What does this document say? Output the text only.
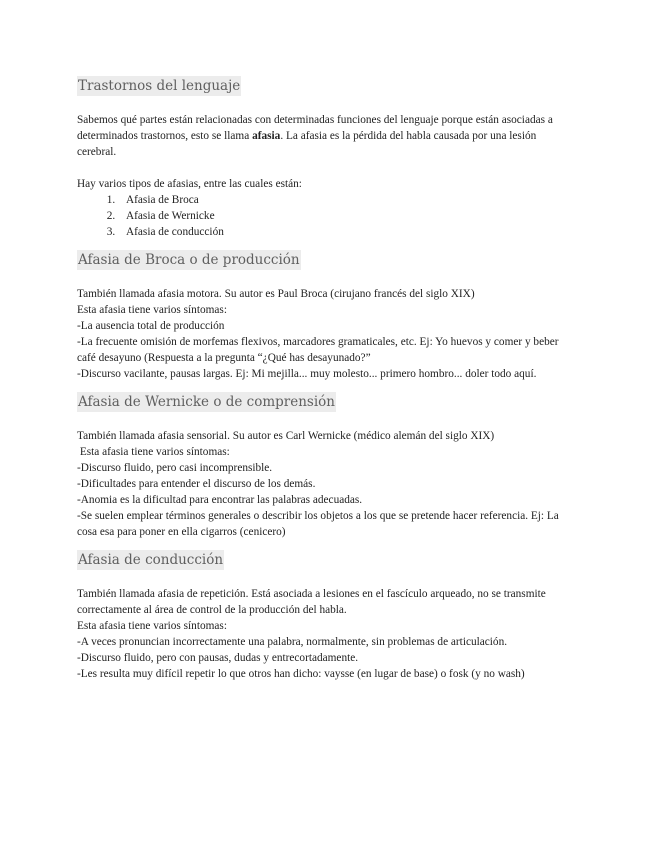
Trastornos del lenguaje

Sabemos qué partes están relacionadas con determinadas funciones del lenguaje porque están asociadas a determinados trastornos, esto se llama afasia. La afasia es la pérdida del habla causada por una lesión cerebral.

Hay varios tipos de afasias, entre las cuales están:

1. Afasia de Broca
2. Afasia de Wernicke
3. Afasia de conducción
Afasia de Broca o de producción

También llamada afasia motora. Su autor es Paul Broca (cirujano francés del siglo XIX)

Esta afasia tiene varios síntomas:

-La ausencia total de producción

-La frecuente omisión de morfemas flexivos, marcadores gramaticales, etc. Ej: Yo huevos y comer y beber café desayuno (Respuesta a la pregunta “¿Qué has desayunado?”

-Discurso vacilante, pausas largas. Ej: Mi mejilla... muy molesto... primero hombro... doler todo aquí.

Afasia de Wernicke o de comprensión

También llamada afasia sensorial. Su autor es Carl Wernicke (médico alemán del siglo XIX)

Esta afasia tiene varios síntomas:

-Discurso fluido, pero casi incomprensible.

-Dificultades para entender el discurso de los demás.

-Anomia es la dificultad para encontrar las palabras adecuadas.

-Se suelen emplear términos generales o describir los objetos a los que se pretende hacer referencia. Ej: La cosa esa para poner en ella cigarros (cenicero)

Afasia de conducción

También llamada afasia de repetición. Está asociada a lesiones en el fascículo arqueado, no se transmite correctamente al área de control de la producción del habla.

Esta afasia tiene varios síntomas:

-A veces pronuncian incorrectamente una palabra, normalmente, sin problemas de articulación.

-Discurso fluido, pero con pausas, dudas y entrecortadamente.

-Les resulta muy difícil repetir lo que otros han dicho: vaysse (en lugar de base) o fosk (y no wash)
